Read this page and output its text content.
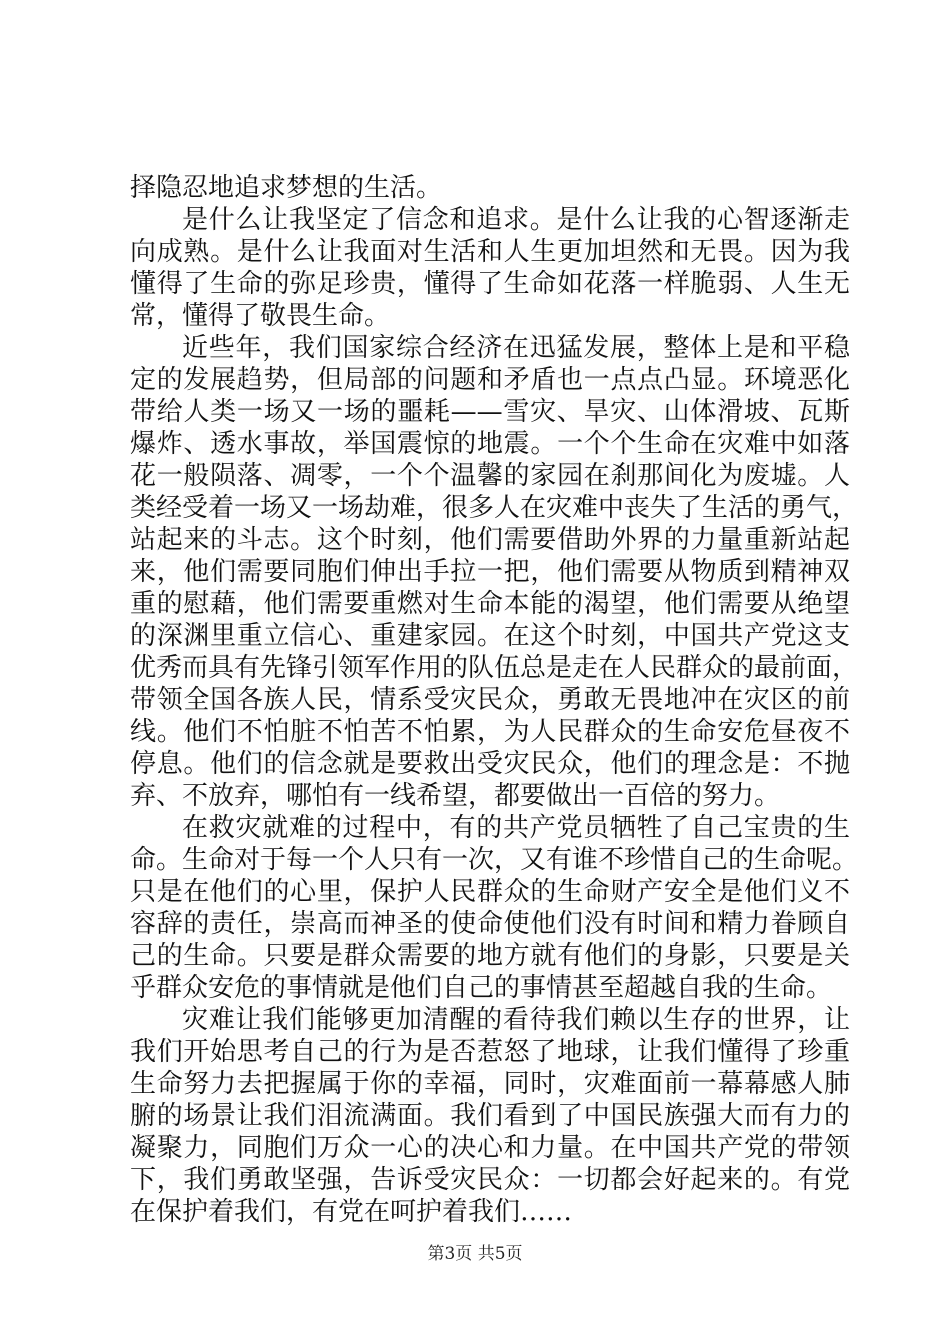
择隐忍地追求梦想的生活。
是什么让我坚定了信念和追求。是什么让我的心智逐渐走
向成熟。是什么让我面对生活和人生更加坦然和无畏。因为我
懂得了生命的弥足珍贵，懂得了生命如花落一样脆弱、人生无
常，懂得了敬畏生命。
近些年，我们国家综合经济在迅猛发展，整体上是和平稳
定的发展趋势，但局部的问题和矛盾也一点点凸显。环境恶化
带给人类一场又一场的噩耗——雪灾、旱灾、山体滑坡、瓦斯
爆炸、透水事故，举国震惊的地震。一个个生命在灾难中如落
花一般陨落、凋零，一个个温馨的家园在刹那间化为废墟。人
类经受着一场又一场劫难，很多人在灾难中丧失了生活的勇气，
站起来的斗志。这个时刻，他们需要借助外界的力量重新站起
来，他们需要同胞们伸出手拉一把，他们需要从物质到精神双
重的慰藉，他们需要重燃对生命本能的渴望，他们需要从绝望
的深渊里重立信心、重建家园。在这个时刻，中国共产党这支
优秀而具有先锋引领军作用的队伍总是走在人民群众的最前面，
带领全国各族人民，情系受灾民众，勇敢无畏地冲在灾区的前
线。他们不怕脏不怕苦不怕累，为人民群众的生命安危昼夜不
停息。他们的信念就是要救出受灾民众，他们的理念是：不抛
弃、不放弃，哪怕有一线希望，都要做出一百倍的努力。
在救灾就难的过程中，有的共产党员牺牲了自己宝贵的生
命。生命对于每一个人只有一次，又有谁不珍惜自己的生命呢。
只是在他们的心里，保护人民群众的生命财产安全是他们义不
容辞的责任，崇高而神圣的使命使他们没有时间和精力眷顾自
己的生命。只要是群众需要的地方就有他们的身影，只要是关
乎群众安危的事情就是他们自己的事情甚至超越自我的生命。
灾难让我们能够更加清醒的看待我们赖以生存的世界，让
我们开始思考自己的行为是否惹怒了地球，让我们懂得了珍重
生命努力去把握属于你的幸福，同时，灾难面前一幕幕感人肺
腑的场景让我们泪流满面。我们看到了中国民族强大而有力的
凝聚力，同胞们万众一心的决心和力量。在中国共产党的带领
下，我们勇敢坚强，告诉受灾民众：一切都会好起来的。有党
在保护着我们，有党在呵护着我们……
第3页 共5页
